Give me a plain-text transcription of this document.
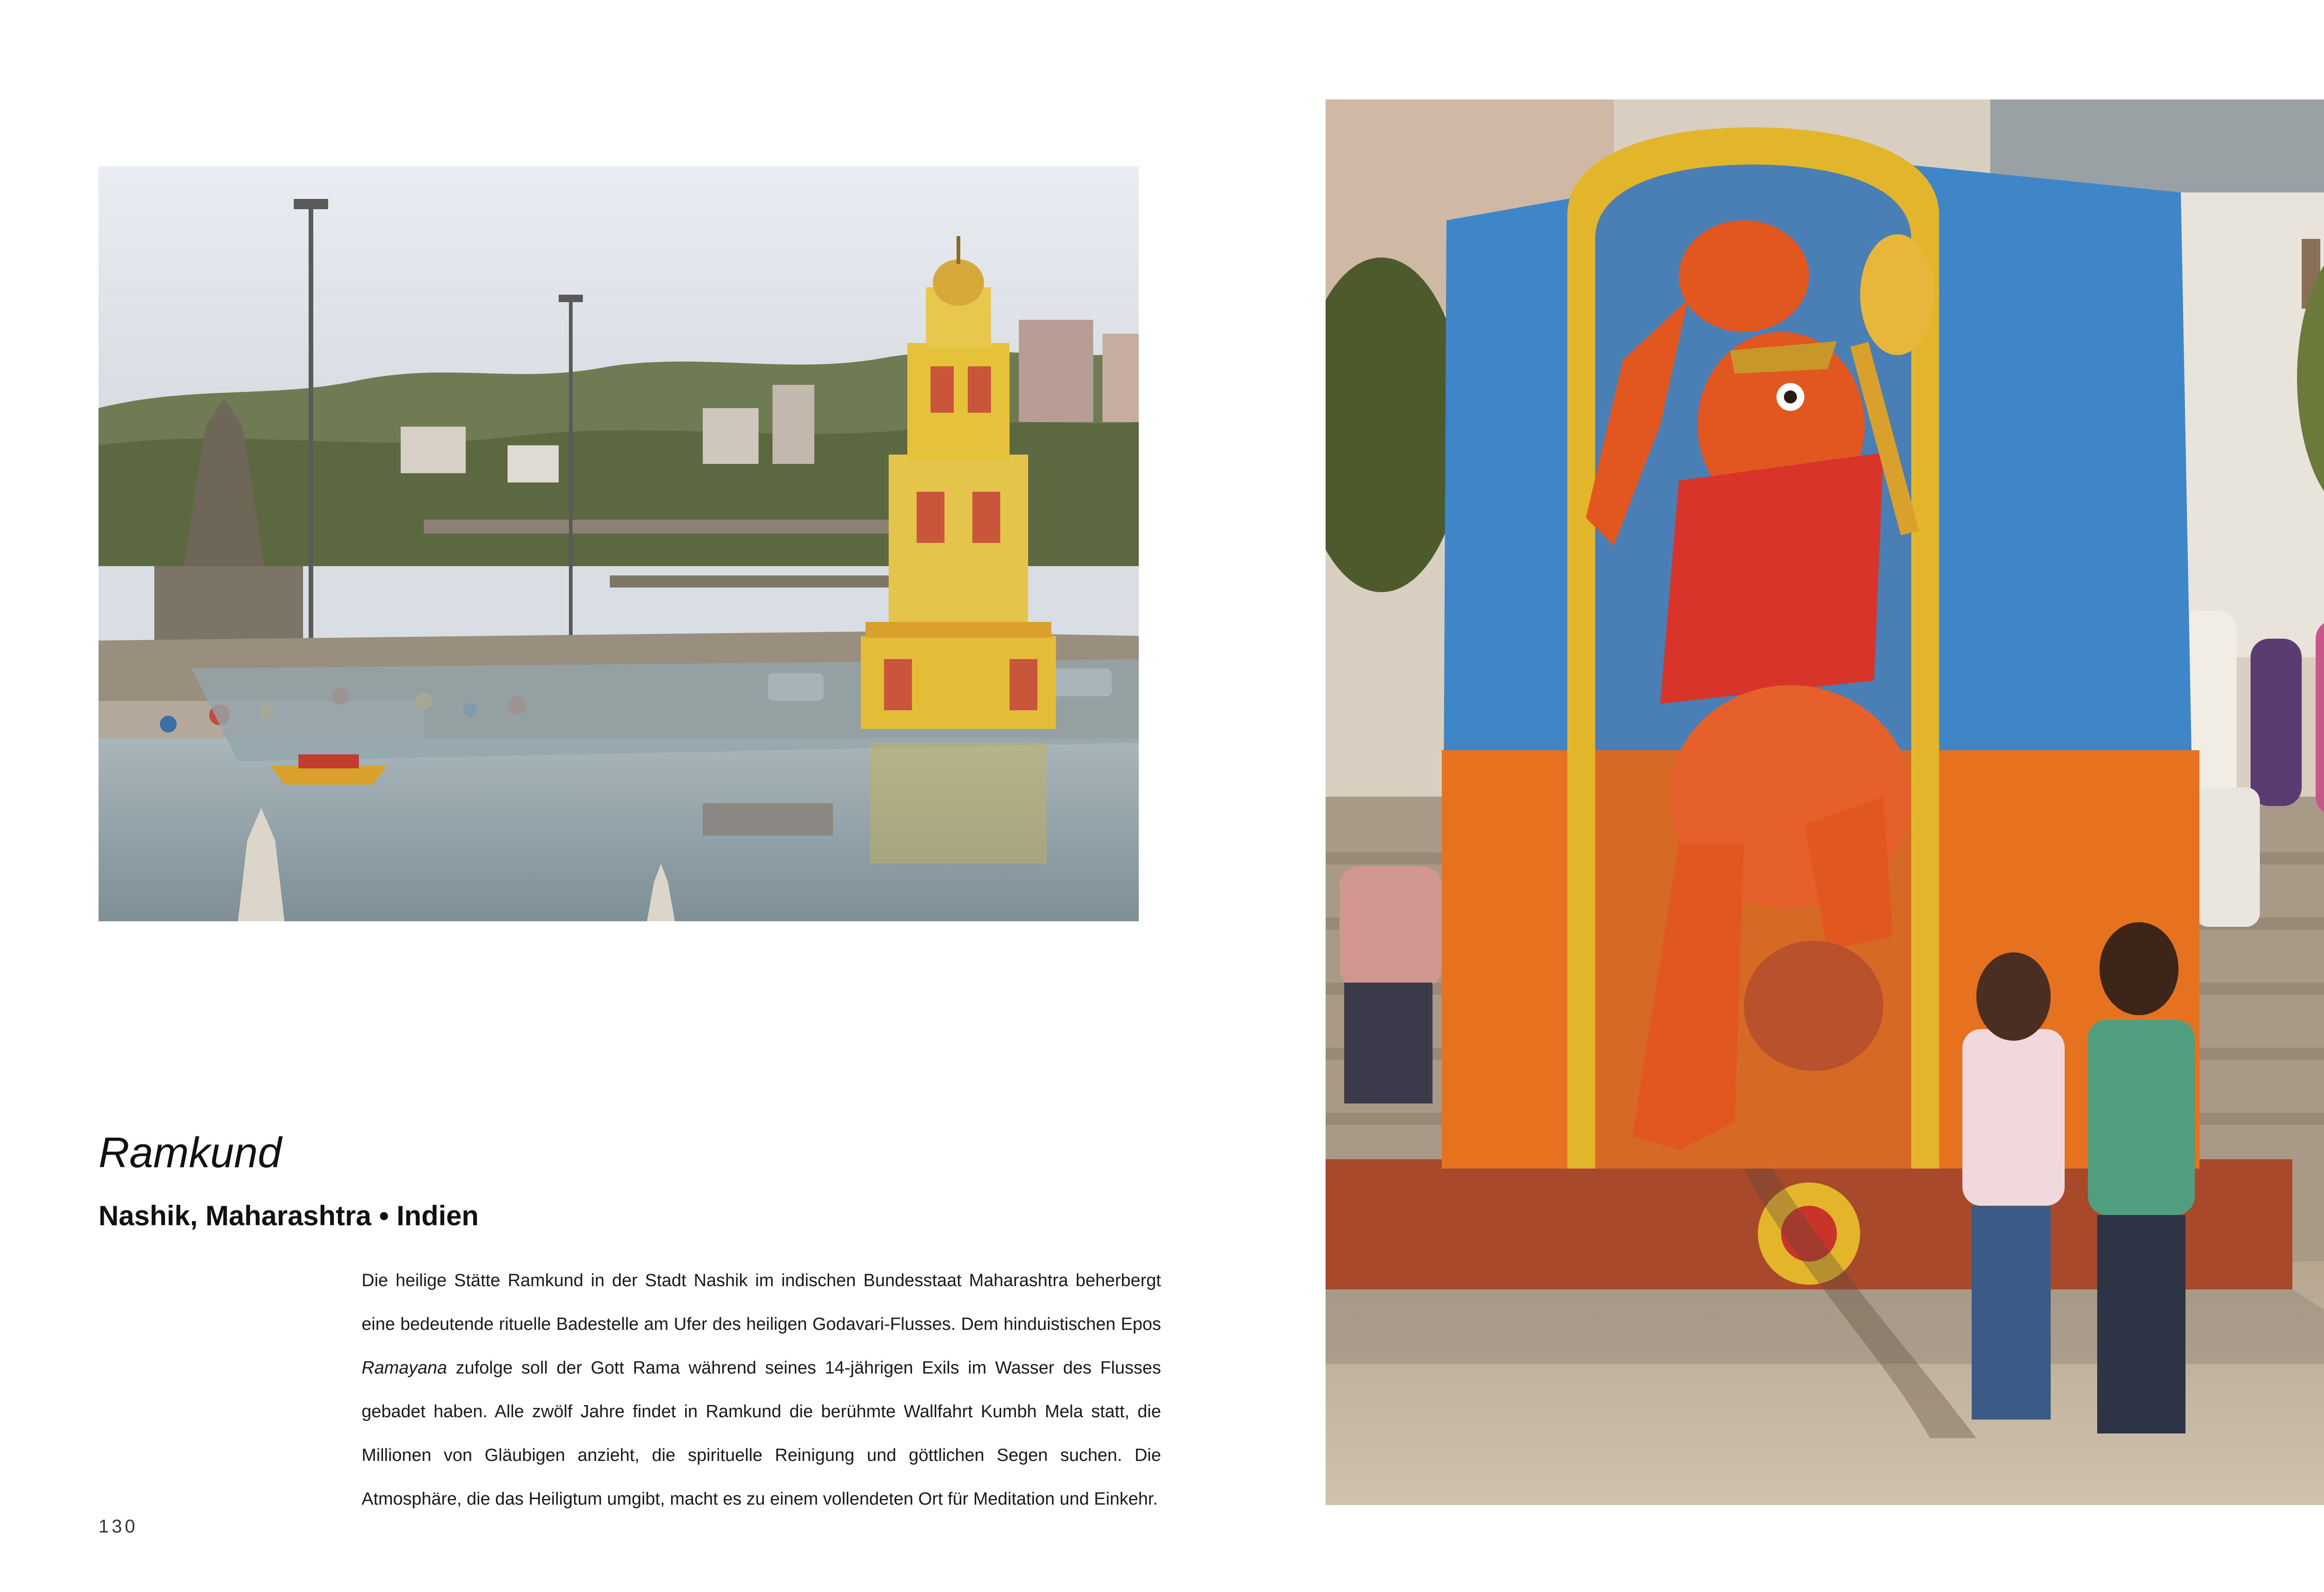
Ramkund
Nashik, Maharashtra • Indien
Die heilige Stätte Ramkund in der Stadt Nashik im indischen Bundesstaat Maharashtra beherbergt eine bedeutende rituelle Badestelle am Ufer des heiligen Godavari-Flusses. Dem hinduistischen Epos Ramayana zufolge soll der Gott Rama während seines 14-jährigen Exils im Wasser des Flusses gebadet haben. Alle zwölf Jahre findet in Ramkund die berühmte Wallfahrt Kumbh Mela statt, die Millionen von Gläubigen anzieht, die spirituelle Reinigung und göttlichen Segen suchen. Die Atmosphäre, die das Heiligtum umgibt, macht es zu einem vollendeten Ort für Meditation und Einkehr.
130
